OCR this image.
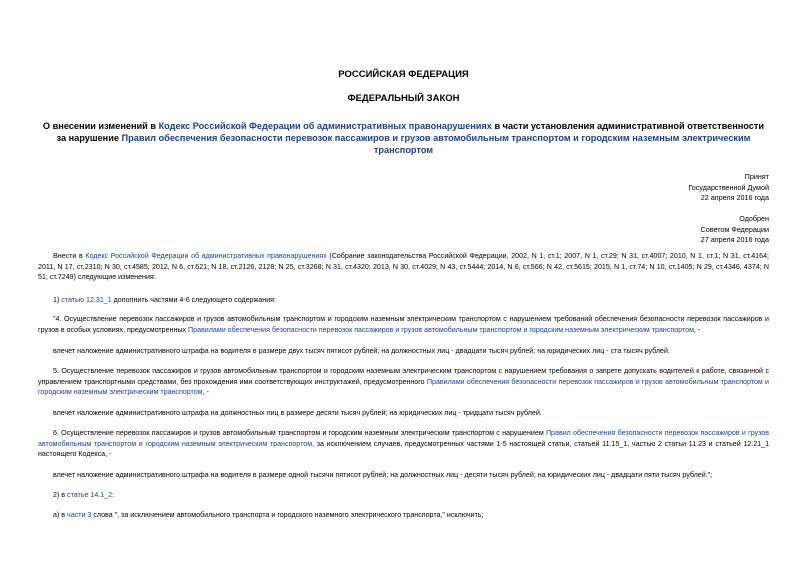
РОССИЙСКАЯ ФЕДЕРАЦИЯ
ФЕДЕРАЛЬНЫЙ ЗАКОН
О внесении изменений в Кодекс Российской Федерации об административных правонарушениях в части установления административной ответственности за нарушение Правил обеспечения безопасности перевозок пассажиров и грузов автомобильным транспортом и городским наземным электрическим транспортом
Принят
Государственной Думой
22 апреля 2016 года
Одобрен
Советом Федерации
27 апреля 2016 года
Внести в Кодекс Российской Федерации об административных правонарушениях (Собрание законодательства Российской Федерации, 2002, N 1, ст.1; 2007, N 1, ст.29; N 31, ст.4007; 2010, N 1, ст.1; N 31, ст.4164; 2011, N 17, ст.2310; N 30, ст.4585; 2012, N 6, ст.621; N 18, ст.2126, 2128; N 25, ст.3268; N 31, ст.4320; 2013, N 30, ст.4029; N 43, ст.5444; 2014, N 6, ст.566; N 42, ст.5615; 2015, N 1, ст.74; N 10, ст.1405; N 29, ст.4346, 4374; N 51, ст.7249) следующие изменения:
1) статью 12.31_1 дополнить частями 4-6 следующего содержания:
"4. Осуществление перевозок пассажиров и грузов автомобильным транспортом и городским наземным электрическим транспортом с нарушением требований обеспечения безопасности перевозок пассажиров и грузов в особых условиях, предусмотренных Правилами обеспечения безопасности перевозок пассажиров и грузов автомобильным транспортом и городским наземным электрическим транспортом, -
влечет наложение административного штрафа на водителя в размере двух тысяч пятисот рублей; на должностных лиц - двадцати тысяч рублей; на юридических лиц - ста тысяч рублей.
5. Осуществление перевозок пассажиров и грузов автомобильным транспортом и городским наземным электрическим транспортом с нарушением требования о запрете допускать водителей к работе, связанной с управлением транспортными средствами, без прохождения ими соответствующих инструктажей, предусмотренного Правилами обеспечения безопасности перевозок пассажиров и грузов автомобильным транспортом и городским наземным электрическим транспортом, -
влечет наложение административного штрафа на должностных лиц в размере десяти тысяч рублей; на юридических лиц - тридцати тысяч рублей.
6. Осуществление перевозок пассажиров и грузов автомобильным транспортом и городским наземным электрическим транспортом с нарушением Правил обеспечения безопасности перевозок пассажиров и грузов автомобильным транспортом и городским наземным электрическим транспортом, за исключением случаев, предусмотренных частями 1-5 настоящей статьи, статьей 11.15_1, частью 2 статьи 11.23 и статьей 12.21_1 настоящего Кодекса, -
влечет наложение административного штрафа на водителя в размере одной тысячи пятисот рублей; на должностных лиц - десяти тысяч рублей; на юридических лиц - двадцати пяти тысяч рублей.";
2) в статье 14.1_2:
а) в части 3 слова ", за исключением автомобильного транспорта и городского наземного электрического транспорта," исключить;
